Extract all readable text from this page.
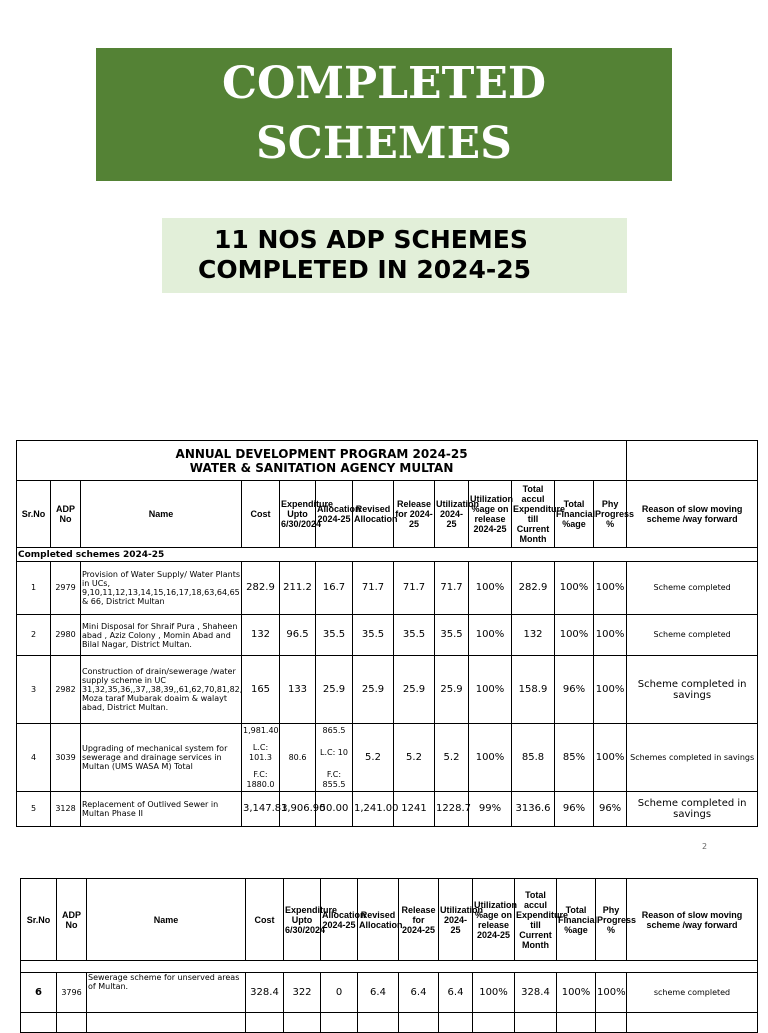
COMPLETED
SCHEMES
11 NOS ADP SCHEMES
COMPLETED IN 2024-25
ANNUAL DEVELOPMENT PROGRAM 2024-25
WATER & SANITATION AGENCY MULTAN													

Sr.No	ADP No	Name	Cost	Expenditure Upto 6/30/2024	Allocation 2024-25	Revised Allocation	Release for 2024-25	Utilization 2024-25	Utilization %age on release 2024-25	Total accul Expenditure till Current Month	Total Financial %age	Phy Progress %	Reason of slow moving scheme /way forward
Completed schemes 2024-25													
1	2979	Provision of Water Supply/ Water Plants in UCs, 9,10,11,12,13,14,15,16,17,18,63,64,65 & 66, District Multan	282.9	211.2	16.7	71.7	71.7	71.7	100%	282.9	100%	100%	Scheme completed
2	2980	Mini Disposal for Shraif Pura , Shaheen abad , Aziz Colony , Momin Abad and Bilal Nagar, District Multan.	132	96.5	35.5	35.5	35.5	35.5	100%	132	100%	100%	Scheme completed
3	2982	Construction of drain/sewerage /water supply scheme in UC 31,32,35,36,,37,,38,39,,61,62,70,81,82, Moza taraf Mubarak doaim & walayt abad, District Multan.	165	133	25.9	25.9	25.9	25.9	100%	158.9	96%	100%	Scheme completed in savings
4	3039	Upgrading of mechanical system for sewerage and drainage services in Multan (UMS WASA M) Total	1,981.40
L.C: 101.3
F.C: 1880.0	80.6	865.5
L.C: 10
F.C: 855.5	5.2	5.2	5.2	100%	85.8	85%	100%	Schemes completed in savings
5	3128	Replacement of Outlived Sewer in Multan Phase II	3,147.83	1,906.90	50.00	1,241.00	1241	1228.7	99%	3136.6	96%	96%	Scheme completed in savings
2
Sr.No	ADP No	Name	Cost	Expenditure Upto 6/30/2024	Allocation 2024-25	Revised Allocation	Release for 2024-25	Utilization 2024-25	Utilization %age on release 2024-25	Total accul Expenditure till Current Month	Total Financial %age	Phy Progress %	Reason of slow moving scheme /way forward

6	3796	Sewerage scheme for unserved areas of Multan.	328.4	322	0	6.4	6.4	6.4	100%	328.4	100%	100%	scheme completed
